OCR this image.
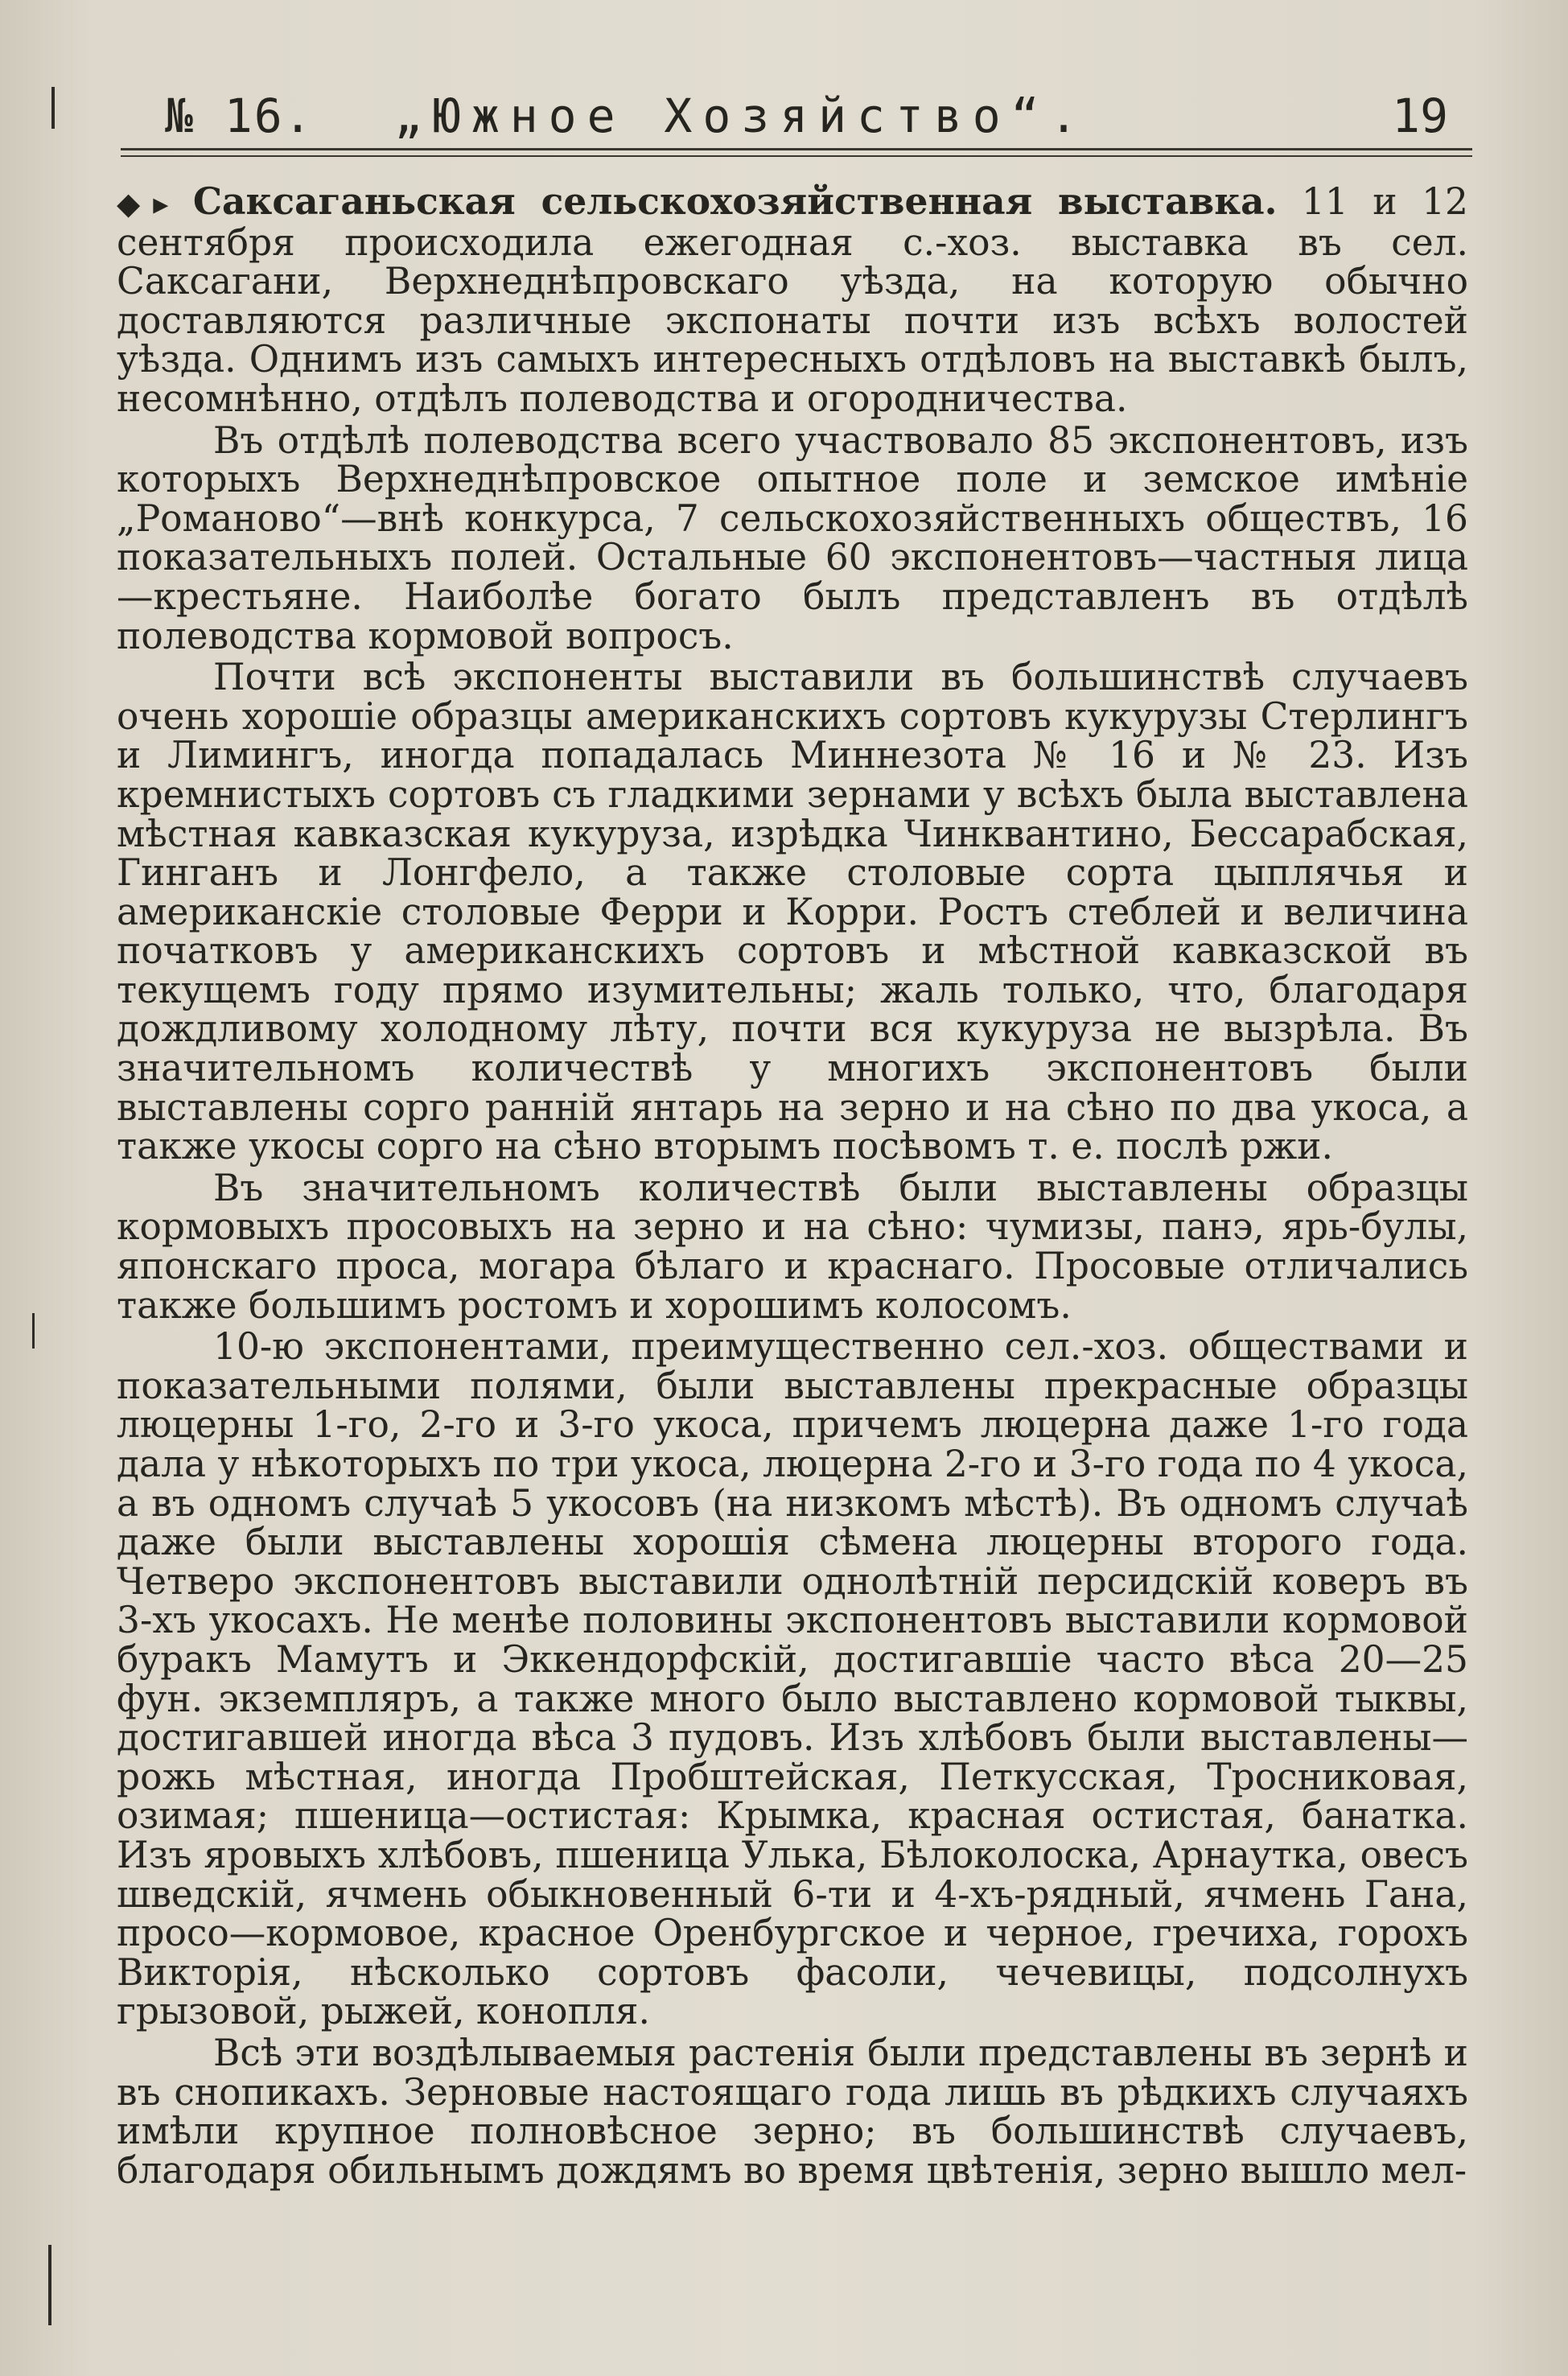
№ 16. „Южное Хозяйство“.	19

◆▸ Саксаганьская сельскохозяйственная выставка. 11 и 12 сентября происходила ежегодная с.-хоз. выставка въ сел. Саксагани, Верхнеднѣпровскаго уѣзда, на которую обычно доставляются различные экспонаты почти изъ всѣхъ волостей уѣзда. Однимъ изъ самыхъ интересныхъ отдѣловъ на выставкѣ былъ, несомнѣнно, отдѣлъ полеводства и огородничества.

Въ отдѣлѣ полеводства всего участвовало 85 экспонентовъ, изъ которыхъ Верхнеднѣпровское опытное поле и земское имѣніе „Романово“—внѣ конкурса, 7 сельскохозяйственныхъ обществъ, 16 показательныхъ полей. Остальные 60 экспонентовъ—частныя лица—крестьяне. Наиболѣе богато былъ представленъ въ отдѣлѣ полеводства кормовой вопросъ.

Почти всѣ экспоненты выставили въ большинствѣ случаевъ очень хорошіе образцы американскихъ сортовъ кукурузы Стерлингъ и Лимингъ, иногда попадалась Миннезота № 16 и № 23. Изъ кремнистыхъ сортовъ съ гладкими зернами у всѣхъ была выставлена мѣстная кавказская кукуруза, изрѣдка Чинквантино, Бессарабская, Гинганъ и Лонгфело, а также столовые сорта цыплячья и американскіе столовые Ферри и Корри. Ростъ стеблей и величина початковъ у американскихъ сортовъ и мѣстной кавказской въ текущемъ году прямо изумительны; жаль только, что, благодаря дождливому холодному лѣту, почти вся кукуруза не вызрѣла. Въ значительномъ количествѣ у многихъ экспонентовъ были выставлены сорго раннiй янтарь на зерно и на сѣно по два укоса, а также укосы сорго на сѣно вторымъ посѣвомъ т. е. послѣ ржи.

Въ значительномъ количествѣ были выставлены образцы кормовыхъ просовыхъ на зерно и на сѣно: чумизы, панэ, ярь-булы, японскаго проса, могара бѣлаго и краснаго. Просовые отличались также большимъ ростомъ и хорошимъ колосомъ.

10-ю экспонентами, преимущественно сел.-хоз. обществами и показательными полями, были выставлены прекрасные образцы люцерны 1-го, 2-го и 3-го укоса, причемъ люцерна даже 1-го года дала у нѣкоторыхъ по три укоса, люцерна 2-го и 3-го года по 4 укоса, а въ одномъ случаѣ 5 укосовъ (на низкомъ мѣстѣ). Въ одномъ случаѣ даже были выставлены хорошія сѣмена люцерны второго года. Четверо экспонентовъ выставили однолѣтнiй персидскiй коверъ въ 3-хъ укосахъ. Не менѣе половины экспонентовъ выставили кормовой буракъ Мамутъ и Эккендорфскiй, достигавшіе часто вѣса 20—25 фун. экземпляръ, а также много было выставлено кормовой тыквы, достигавшей иногда вѣса 3 пудовъ. Изъ хлѣбовъ были выставлены—рожь мѣстная, иногда Пробштейская, Петкусская, Тросниковая, озимая; пшеница—остистая: Крымка, красная остистая, банатка. Изъ яровыхъ хлѣбовъ, пшеница Улька, Бѣлоколоска, Арнаутка, овесъ шведскiй, ячмень обыкновенный 6-ти и 4-хъ-рядный, ячмень Гана, просо—кормовое, красное Оренбургское и черное, гречиха, горохъ Викторія, нѣсколько сортовъ фасоли, чечевицы, подсолнухъ грызовой, рыжей, конопля.

Всѣ эти воздѣлываемыя растенія были представлены въ зернѣ и въ снопикахъ. Зерновые настоящаго года лишь въ рѣдкихъ случаяхъ имѣли крупное полновѣсное зерно; въ большинствѣ случаевъ, благодаря обильнымъ дождямъ во время цвѣтенія, зерно вышло мел-
